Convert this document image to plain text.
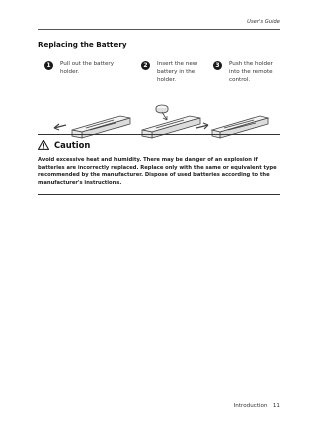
User's Guide
Replacing the Battery
1	Pull out the battery holder.
2	Insert the new battery in the holder.
3	Push the holder into the remote control.
Caution
Avoid excessive heat and humidity. There may be danger of an explosion if batteries are incorrectly replaced. Replace only with the same or equivalent type recommended by the manufacturer. Dispose of used batteries according to the manufacturer's instructions.
Introduction 11
